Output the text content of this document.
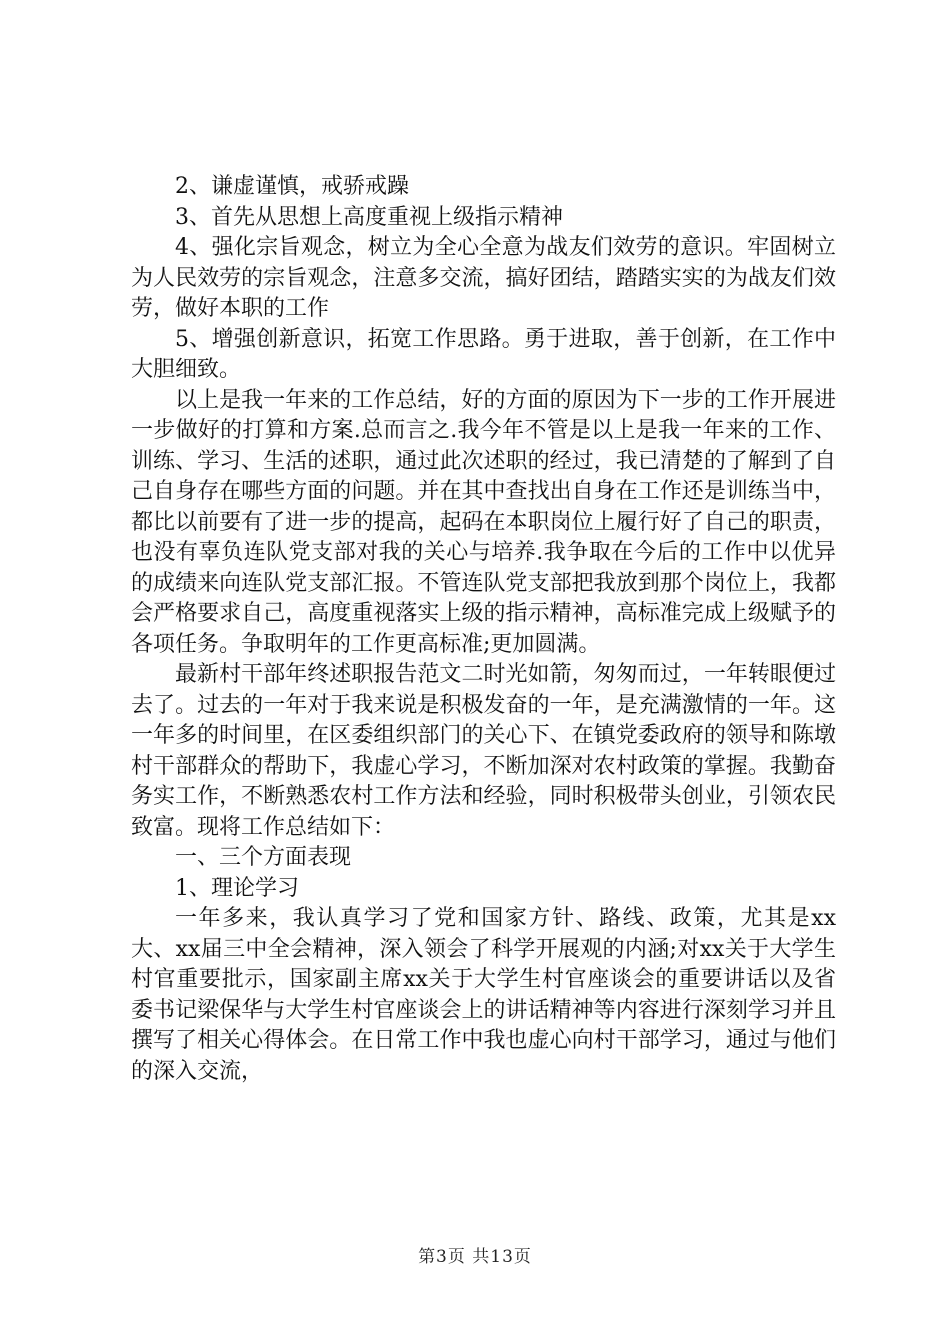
2、谦虚谨慎，戒骄戒躁

3、首先从思想上高度重视上级指示精神

4、强化宗旨观念，树立为全心全意为战友们效劳的意识。牢固树立为人民效劳的宗旨观念，注意多交流，搞好团结，踏踏实实的为战友们效劳，做好本职的工作

5、增强创新意识，拓宽工作思路。勇于进取，善于创新，在工作中大胆细致。

以上是我一年来的工作总结，好的方面的原因为下一步的工作开展进一步做好的打算和方案.总而言之.我今年不管是以上是我一年来的工作、训练、学习、生活的述职，通过此次述职的经过，我已清楚的了解到了自己自身存在哪些方面的问题。并在其中查找出自身在工作还是训练当中，都比以前要有了进一步的提高，起码在本职岗位上履行好了自己的职责，也没有辜负连队党支部对我的关心与培养.我争取在今后的工作中以优异的成绩来向连队党支部汇报。不管连队党支部把我放到那个岗位上，我都会严格要求自己，高度重视落实上级的指示精神，高标准完成上级赋予的各项任务。争取明年的工作更高标准;更加圆满。

最新村干部年终述职报告范文二时光如箭，匆匆而过，一年转眼便过去了。过去的一年对于我来说是积极发奋的一年，是充满激情的一年。这一年多的时间里，在区委组织部门的关心下、在镇党委政府的领导和陈墩村干部群众的帮助下，我虚心学习，不断加深对农村政策的掌握。我勤奋务实工作，不断熟悉农村工作方法和经验，同时积极带头创业，引领农民致富。现将工作总结如下：

一、三个方面表现

1、理论学习

一年多来，我认真学习了党和国家方针、路线、政策，尤其是xx大、xx届三中全会精神，深入领会了科学开展观的内涵;对xx关于大学生村官重要批示，国家副主席xx关于大学生村官座谈会的重要讲话以及省委书记梁保华与大学生村官座谈会上的讲话精神等内容进行深刻学习并且撰写了相关心得体会。在日常工作中我也虚心向村干部学习，通过与他们的深入交流，

第3页 共13页
